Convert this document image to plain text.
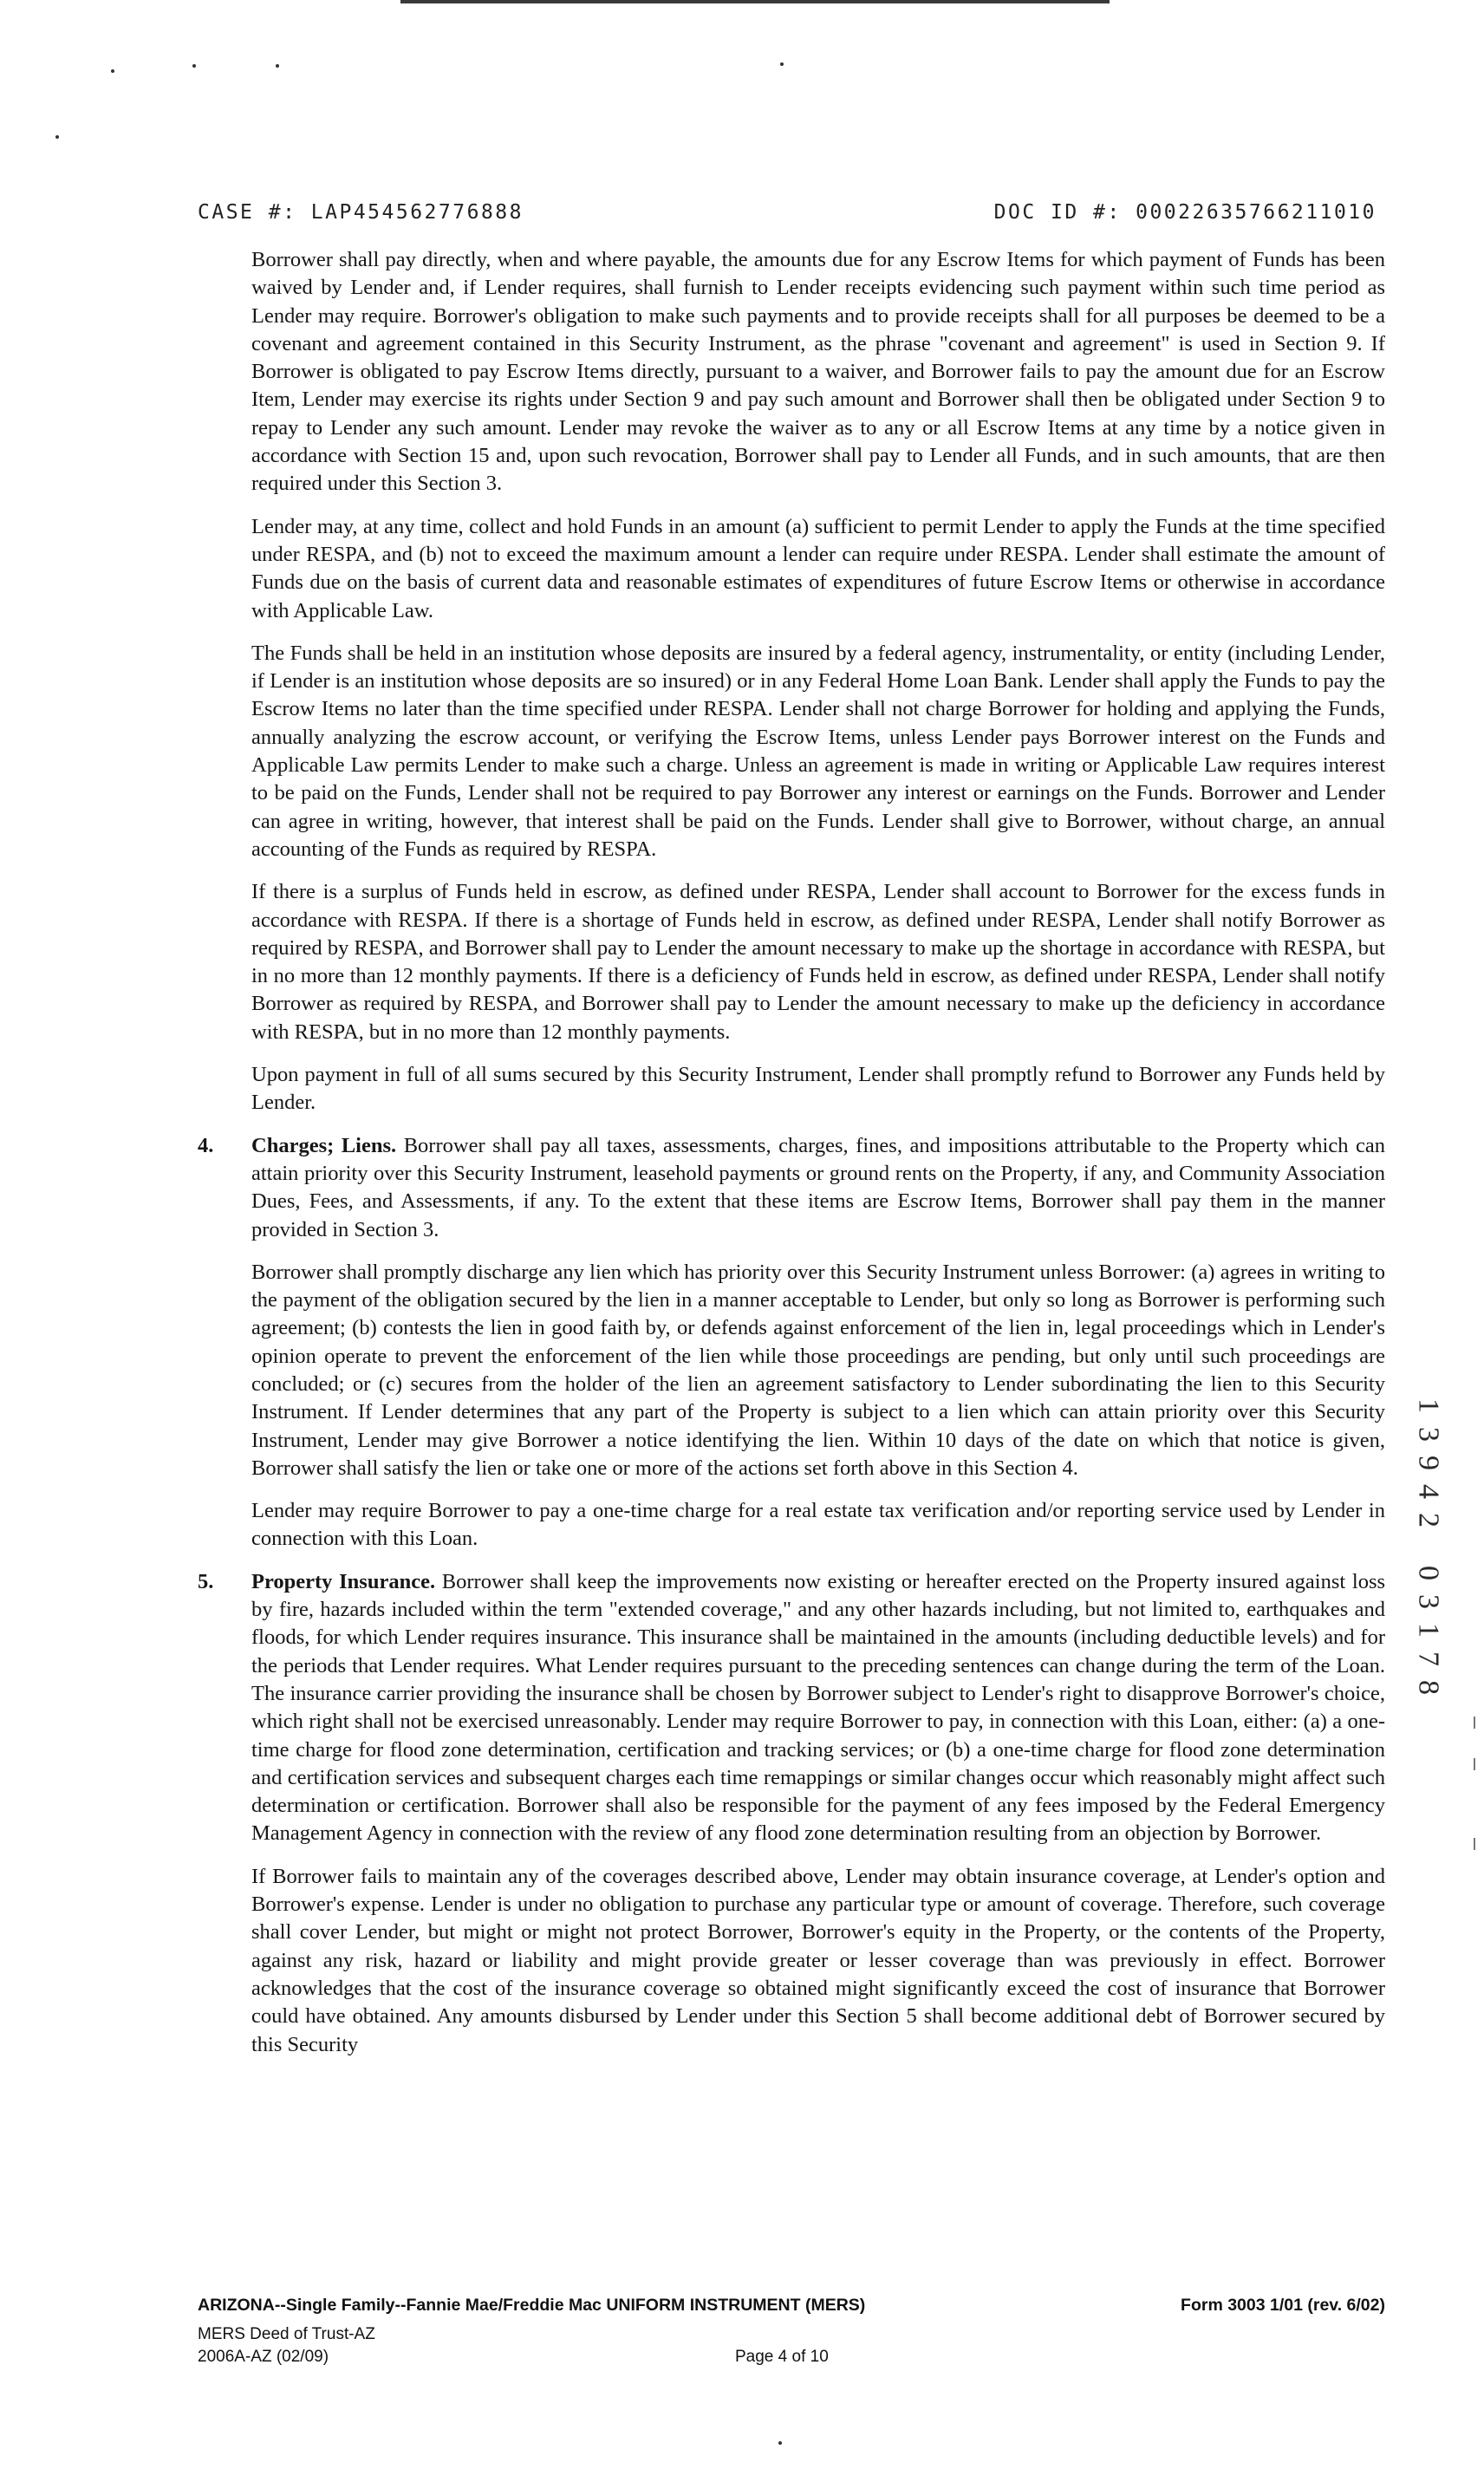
CASE #: LAP454562776888	DOC ID #: 00022635766211010

Borrower shall pay directly, when and where payable, the amounts due for any Escrow Items for which payment of Funds has been waived by Lender and, if Lender requires, shall furnish to Lender receipts evidencing such payment within such time period as Lender may require. Borrower's obligation to make such payments and to provide receipts shall for all purposes be deemed to be a covenant and agreement contained in this Security Instrument, as the phrase "covenant and agreement" is used in Section 9. If Borrower is obligated to pay Escrow Items directly, pursuant to a waiver, and Borrower fails to pay the amount due for an Escrow Item, Lender may exercise its rights under Section 9 and pay such amount and Borrower shall then be obligated under Section 9 to repay to Lender any such amount. Lender may revoke the waiver as to any or all Escrow Items at any time by a notice given in accordance with Section 15 and, upon such revocation, Borrower shall pay to Lender all Funds, and in such amounts, that are then required under this Section 3.

Lender may, at any time, collect and hold Funds in an amount (a) sufficient to permit Lender to apply the Funds at the time specified under RESPA, and (b) not to exceed the maximum amount a lender can require under RESPA. Lender shall estimate the amount of Funds due on the basis of current data and reasonable estimates of expenditures of future Escrow Items or otherwise in accordance with Applicable Law.

The Funds shall be held in an institution whose deposits are insured by a federal agency, instrumentality, or entity (including Lender, if Lender is an institution whose deposits are so insured) or in any Federal Home Loan Bank. Lender shall apply the Funds to pay the Escrow Items no later than the time specified under RESPA. Lender shall not charge Borrower for holding and applying the Funds, annually analyzing the escrow account, or verifying the Escrow Items, unless Lender pays Borrower interest on the Funds and Applicable Law permits Lender to make such a charge. Unless an agreement is made in writing or Applicable Law requires interest to be paid on the Funds, Lender shall not be required to pay Borrower any interest or earnings on the Funds. Borrower and Lender can agree in writing, however, that interest shall be paid on the Funds. Lender shall give to Borrower, without charge, an annual accounting of the Funds as required by RESPA.

If there is a surplus of Funds held in escrow, as defined under RESPA, Lender shall account to Borrower for the excess funds in accordance with RESPA. If there is a shortage of Funds held in escrow, as defined under RESPA, Lender shall notify Borrower as required by RESPA, and Borrower shall pay to Lender the amount necessary to make up the shortage in accordance with RESPA, but in no more than 12 monthly payments. If there is a deficiency of Funds held in escrow, as defined under RESPA, Lender shall notify Borrower as required by RESPA, and Borrower shall pay to Lender the amount necessary to make up the deficiency in accordance with RESPA, but in no more than 12 monthly payments.

Upon payment in full of all sums secured by this Security Instrument, Lender shall promptly refund to Borrower any Funds held by Lender.

4. Charges; Liens. Borrower shall pay all taxes, assessments, charges, fines, and impositions attributable to the Property which can attain priority over this Security Instrument, leasehold payments or ground rents on the Property, if any, and Community Association Dues, Fees, and Assessments, if any. To the extent that these items are Escrow Items, Borrower shall pay them in the manner provided in Section 3.

Borrower shall promptly discharge any lien which has priority over this Security Instrument unless Borrower: (a) agrees in writing to the payment of the obligation secured by the lien in a manner acceptable to Lender, but only so long as Borrower is performing such agreement; (b) contests the lien in good faith by, or defends against enforcement of the lien in, legal proceedings which in Lender's opinion operate to prevent the enforcement of the lien while those proceedings are pending, but only until such proceedings are concluded; or (c) secures from the holder of the lien an agreement satisfactory to Lender subordinating the lien to this Security Instrument. If Lender determines that any part of the Property is subject to a lien which can attain priority over this Security Instrument, Lender may give Borrower a notice identifying the lien. Within 10 days of the date on which that notice is given, Borrower shall satisfy the lien or take one or more of the actions set forth above in this Section 4.

Lender may require Borrower to pay a one-time charge for a real estate tax verification and/or reporting service used by Lender in connection with this Loan.

5. Property Insurance. Borrower shall keep the improvements now existing or hereafter erected on the Property insured against loss by fire, hazards included within the term "extended coverage," and any other hazards including, but not limited to, earthquakes and floods, for which Lender requires insurance. This insurance shall be maintained in the amounts (including deductible levels) and for the periods that Lender requires. What Lender requires pursuant to the preceding sentences can change during the term of the Loan. The insurance carrier providing the insurance shall be chosen by Borrower subject to Lender's right to disapprove Borrower's choice, which right shall not be exercised unreasonably. Lender may require Borrower to pay, in connection with this Loan, either: (a) a one-time charge for flood zone determination, certification and tracking services; or (b) a one-time charge for flood zone determination and certification services and subsequent charges each time remappings or similar changes occur which reasonably might affect such determination or certification. Borrower shall also be responsible for the payment of any fees imposed by the Federal Emergency Management Agency in connection with the review of any flood zone determination resulting from an objection by Borrower.

If Borrower fails to maintain any of the coverages described above, Lender may obtain insurance coverage, at Lender's option and Borrower's expense. Lender is under no obligation to purchase any particular type or amount of coverage. Therefore, such coverage shall cover Lender, but might or might not protect Borrower, Borrower's equity in the Property, or the contents of the Property, against any risk, hazard or liability and might provide greater or lesser coverage than was previously in effect. Borrower acknowledges that the cost of the insurance coverage so obtained might significantly exceed the cost of insurance that Borrower could have obtained. Any amounts disbursed by Lender under this Section 5 shall become additional debt of Borrower secured by this Security

1
3
9
4
2
0
3
1
7
8
ARIZONA--Single Family--Fannie Mae/Freddie Mac UNIFORM INSTRUMENT (MERS)	Form 3003 1/01 (rev. 6/02)
MERS Deed of Trust-AZ
2006A-AZ (02/09)	Page 4 of 10
